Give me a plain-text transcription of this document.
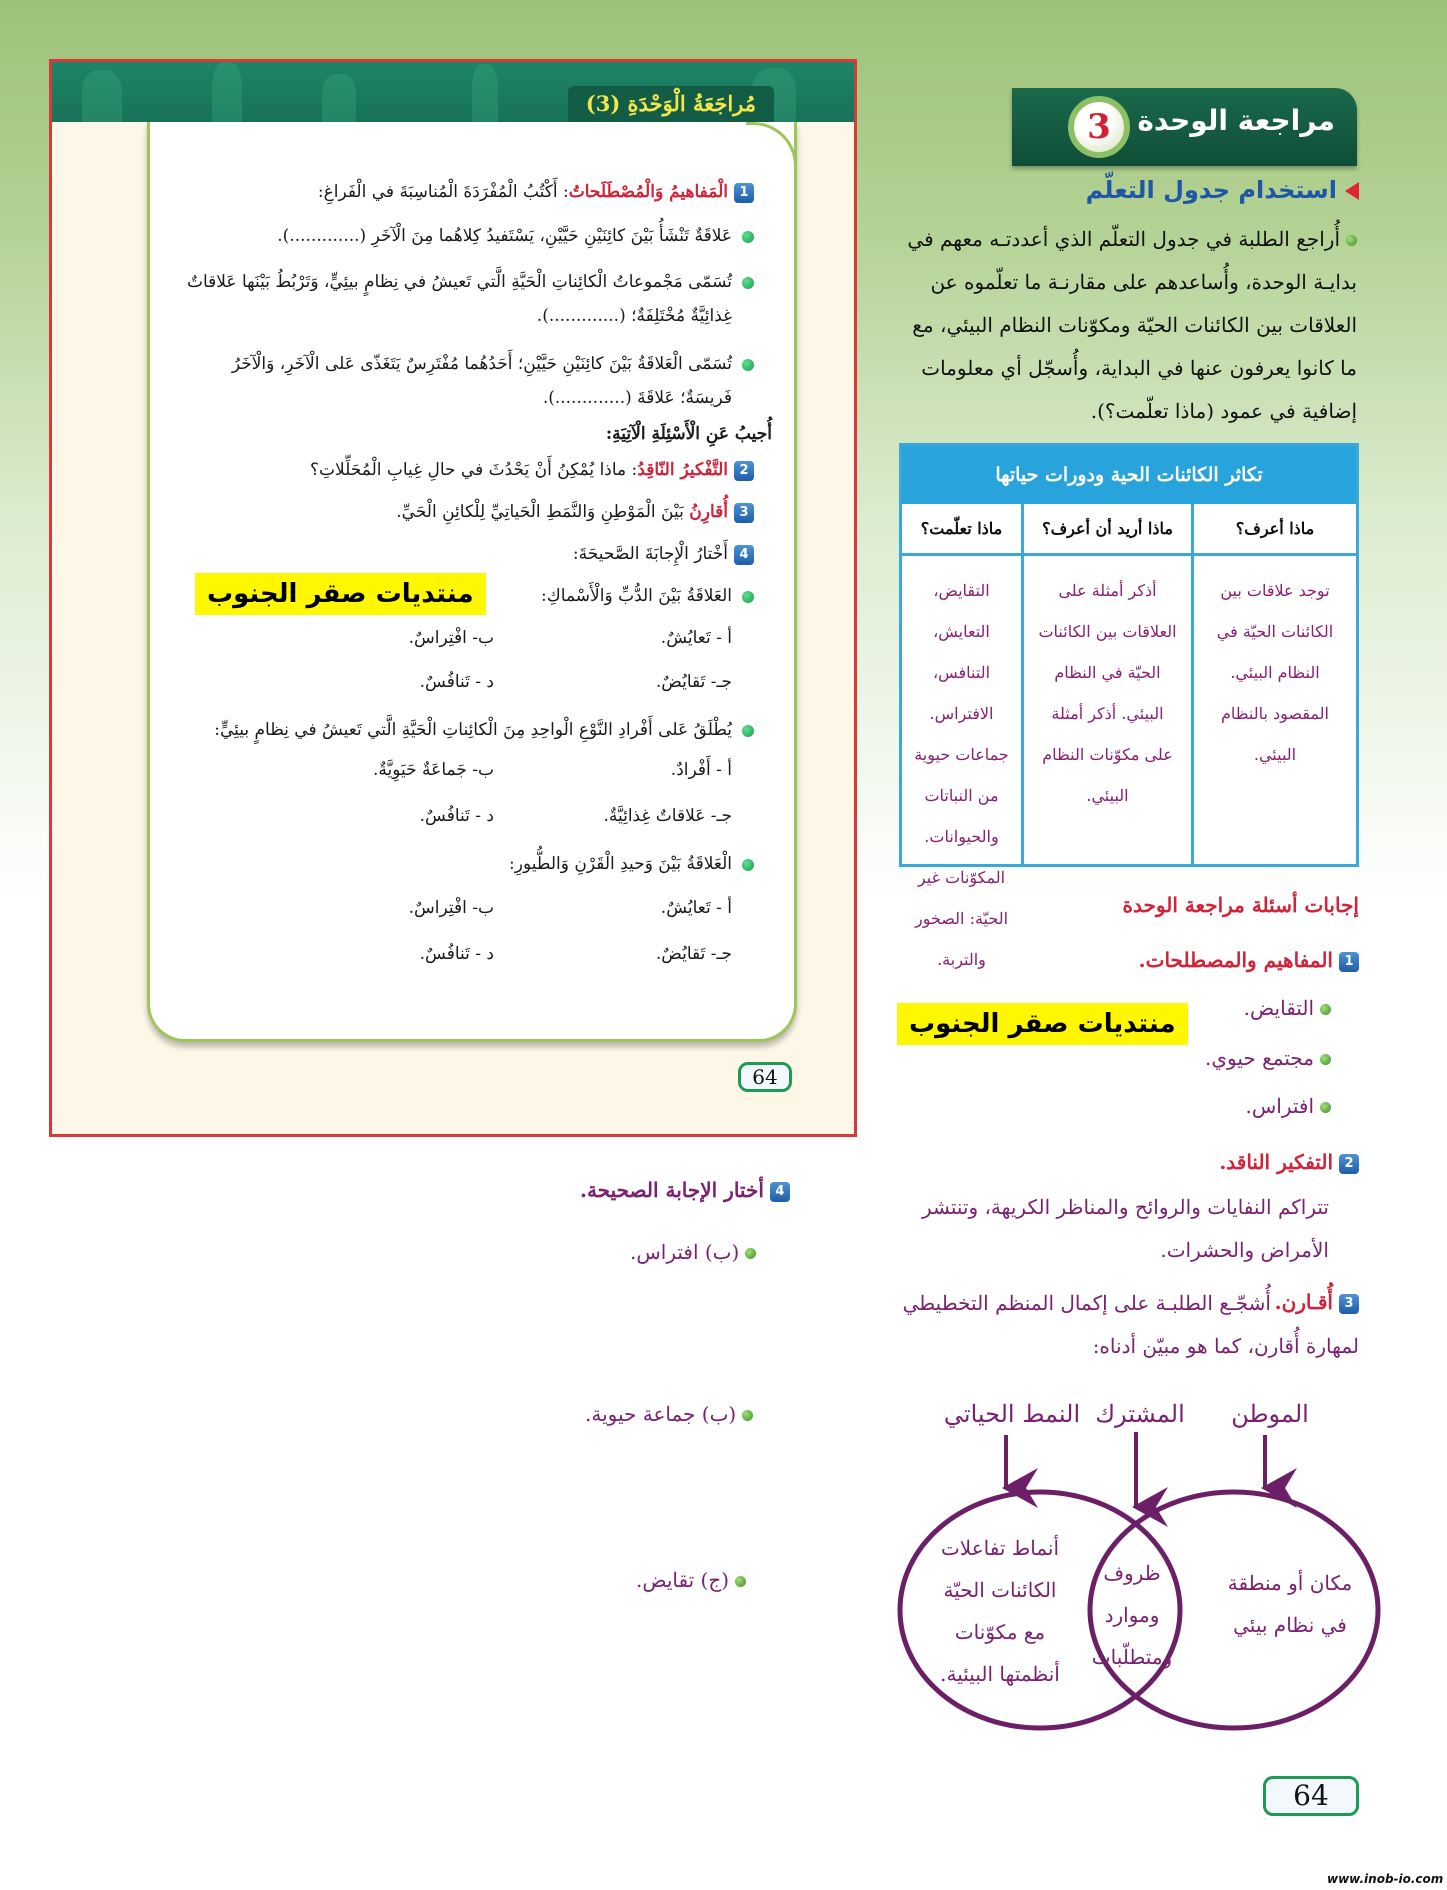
مُراجَعَةُ الْوَحْدَةِ (3)
1الْمَفاهيمُ وَالْمُصْطَلَحاتُ: أَكْتُبُ الْمُفْرَدَةَ الْمُناسِبَةَ في الْفَراغِ:
عَلاقَةٌ تَنْشَأُ بَيْنَ كائِنَيْنِ حَيَّيْنِ، يَسْتَفيدُ كِلاهُما مِنَ الْآخَرِ (.............).
تُسَمّى مَجْموعاتُ الْكائِناتِ الْحَيَّةِ الَّتي تَعيشُ في نِظامٍ بيئِيٍّ، وَتَرْبُطُ بَيْنَها عَلاقاتٌ
غِذائِيَّةٌ مُخْتَلِفَةٌ؛ (.............).
تُسَمّى الْعَلاقَةُ بَيْنَ كائِنَيْنِ حَيَّيْنِ؛ أَحَدُهُما مُفْتَرِسٌ يَتَغَذّى عَلى الْآخَرِ، وَالْآخَرُ
فَريسَةٌ؛ عَلاقَةَ (.............).
أُجيبُ عَنِ الْأَسْئِلَةِ الْآتِيَةِ:
2التَّفْكيرُ النّاقِدُ: ماذا يُمْكِنُ أَنْ يَحْدُثَ في حالِ غِيابِ الْمُحَلِّلاتِ؟
3أُقارِنُ بَيْنَ الْمَوْطِنِ وَالنَّمَطِ الْحَياتِيِّ لِلْكائِنِ الْحَيِّ.
4أَخْتارُ الْإِجابَةَ الصَّحيحَةَ:
العَلاقَةُ بَيْنَ الدُّبِّ وَالْأَسْماكِ:
أ - تَعايُشٌ.
ب- افْتِراسٌ.
جـ- تَقايُضٌ.
د - تَنافُسٌ.
يُطْلَقُ عَلى أَفْرادِ النَّوْعِ الْواحِدِ مِنَ الْكائِناتِ الْحَيَّةِ الَّتي تَعيشُ في نِظامٍ بيئِيٍّ:
أ - أَفْرادٌ.
ب- جَماعَةٌ حَيَوِيَّةٌ.
جـ- عَلاقاتٌ غِذائِيَّةٌ.
د - تَنافُسٌ.
الْعَلاقَةُ بَيْنَ وَحيدِ الْقَرْنِ وَالطُّيورِ:
أ - تَعايُشٌ.
ب- افْتِراسٌ.
جـ- تَقايُضٌ.
د - تَنافُسٌ.
64
منتديات صقر الجنوب
منتديات صقر الجنوب
مراجعة الوحدة
3
استخدام جدول التعلّم
أُراجع الطلبة في جدول التعلّم الذي أعددتـه معهم في بدايـة الوحدة، وأُساعدهم على مقارنـة ما تعلّموه عن العلاقات بين الكائنات الحيّة ومكوّنات النظام البيئي، مع ما كانوا يعرفون عنها في البداية، وأُسجّل أي معلومات إضافية في عمود (ماذا تعلّمت؟).
تكاثر الكائنات الحية ودورات حياتها
ماذا أعرف؟
توجد علاقات بين الكائنات الحيّة في النظام البيئي. المقصود بالنظام البيئي.
ماذا أريد أن أعرف؟
أذكر أمثلة على العلاقات بين الكائنات الحيّة في النظام البيئي. أذكر أمثلة على مكوّنات النظام البيئي.
ماذا تعلّمت؟
التقايض، التعايش، التنافس، الافتراس. جماعات حيوية من النباتات والحيوانات. المكوّنات غير الحيّة: الصخور والتربة.
إجابات أسئلة مراجعة الوحدة
1المفاهيم والمصطلحات.
التقايض.
مجتمع حيوي.
افتراس.
2التفكير الناقد.
تتراكم النفايات والروائح والمناظر الكريهة، وتنتشر الأمراض والحشرات.
3أُقـارن.
أُشجّـع الطلبـة على إكمال المنظم التخطيطي لمهارة أُقارن، كما هو مبيّن أدناه:
الموطن
المشترك
النمط الحياتي
مكان أو منطقة
في نظام بيئي
ظروف
وموارد
ومتطلّبات
أنماط تفاعلات
الكائنات الحيّة
مع مكوّنات
أنظمتها البيئية.
4أختار الإجابة الصحيحة.
(ب) افتراس.
(ب) جماعة حيوية.
(ج) تقايض.
64
www.inob-io.com
